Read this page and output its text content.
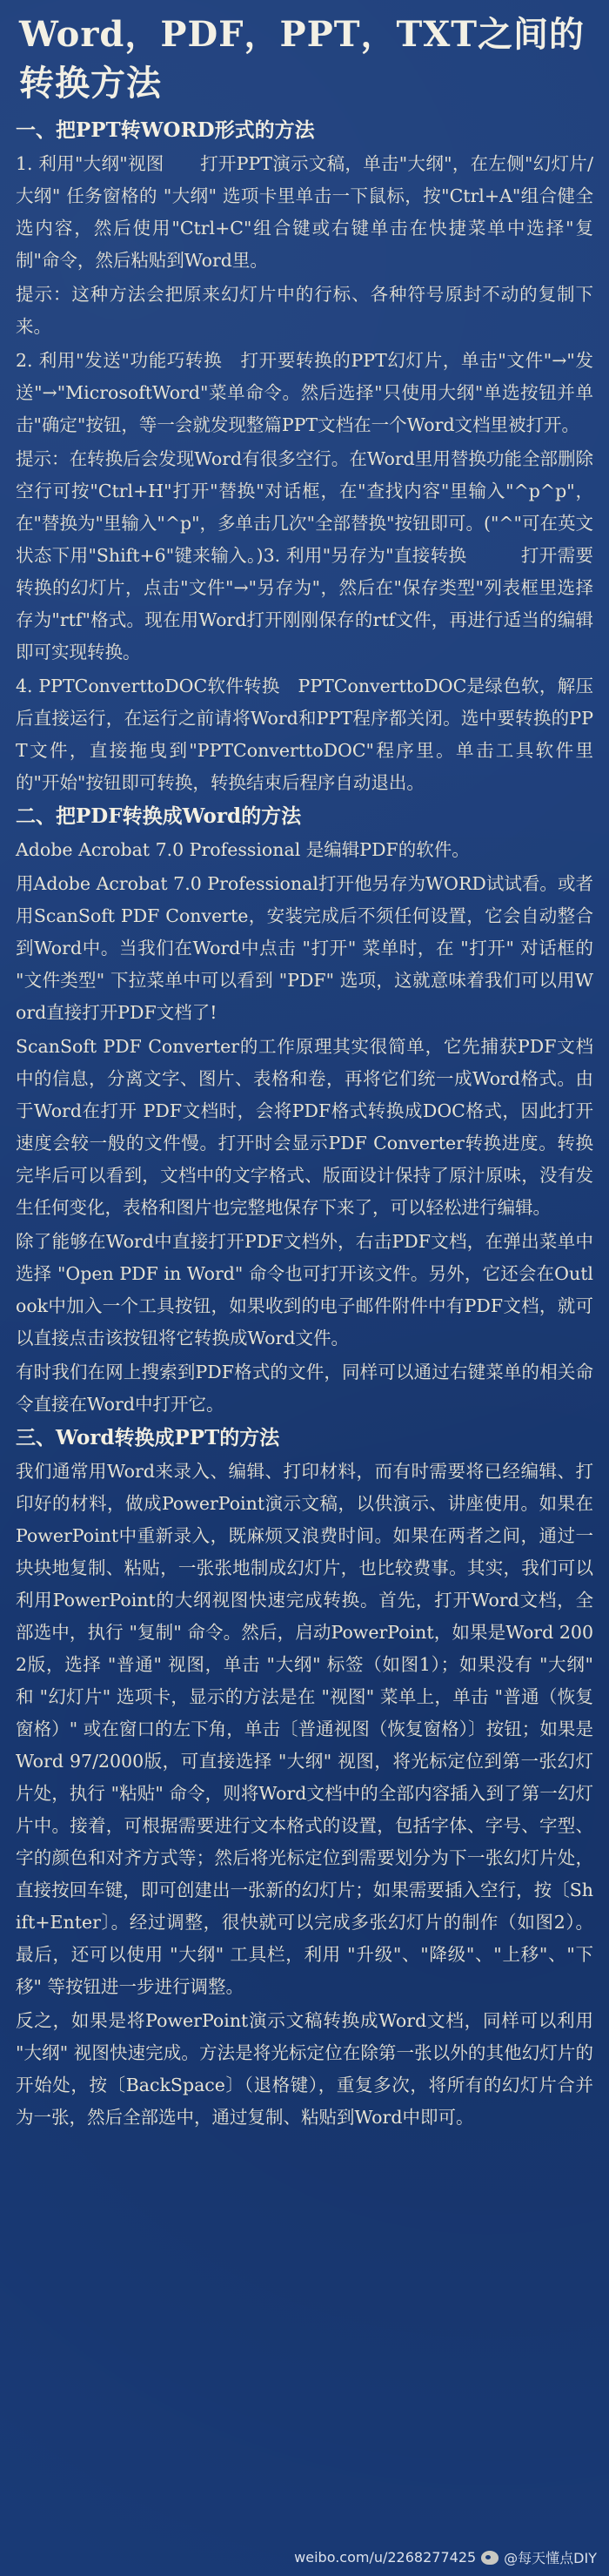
Word，PDF，PPT，TXT之间的转换方法
一、把PPT转WORD形式的方法

1. 利用"大纲"视图　　打开PPT演示文稿，单击"大纲"，在左侧"幻灯片/大纲" 任务窗格的 "大纲" 选项卡里单击一下鼠标，按"Ctrl+A"组合健全选内容，然后使用"Ctrl+C"组合键或右键单击在快捷菜单中选择"复制"命令，然后粘贴到Word里。

提示：这种方法会把原来幻灯片中的行标、各种符号原封不动的复制下来。

2. 利用"发送"功能巧转换　打开要转换的PPT幻灯片，单击"文件"→"发送"→"MicrosoftWord"菜单命令。然后选择"只使用大纲"单选按钮并单击"确定"按钮，等一会就发现整篇PPT文档在一个Word文档里被打开。

提示：在转换后会发现Word有很多空行。在Word里用替换功能全部删除空行可按"Ctrl+H"打开"替换"对话框，在"查找内容"里输入"^p^p"，在"替换为"里输入"^p"，多单击几次"全部替换"按钮即可。("^"可在英文状态下用"Shift+6"键来输入。)3. 利用"另存为"直接转换　　　打开需要转换的幻灯片，点击"文件"→"另存为"，然后在"保存类型"列表框里选择存为"rtf"格式。现在用Word打开刚刚保存的rtf文件，再进行适当的编辑即可实现转换。

4. PPTConverttoDOC软件转换　PPTConverttoDOC是绿色软，解压后直接运行，在运行之前请将Word和PPT程序都关闭。选中要转换的PPT文件，直接拖曳到"PPTConverttoDOC"程序里。单击工具软件里的"开始"按钮即可转换，转换结束后程序自动退出。

二、把PDF转换成Word的方法

Adobe Acrobat 7.0 Professional 是编辑PDF的软件。

用Adobe Acrobat 7.0 Professional打开他另存为WORD试试看。或者用ScanSoft PDF Converte，安装完成后不须任何设置，它会自动整合到Word中。当我们在Word中点击 "打开" 菜单时，在 "打开" 对话框的 "文件类型" 下拉菜单中可以看到 "PDF" 选项，这就意味着我们可以用Word直接打开PDF文档了!

ScanSoft PDF Converter的工作原理其实很简单，它先捕获PDF文档中的信息，分离文字、图片、表格和卷，再将它们统一成Word格式。由于Word在打开 PDF文档时，会将PDF格式转换成DOC格式，因此打开速度会较一般的文件慢。打开时会显示PDF Converter转换进度。转换完毕后可以看到，文档中的文字格式、版面设计保持了原汁原味，没有发生任何变化，表格和图片也完整地保存下来了，可以轻松进行编辑。

除了能够在Word中直接打开PDF文档外，右击PDF文档，在弹出菜单中选择 "Open PDF in Word" 命令也可打开该文件。另外，它还会在Outlook中加入一个工具按钮，如果收到的电子邮件附件中有PDF文档，就可以直接点击该按钮将它转换成Word文件。

有时我们在网上搜索到PDF格式的文件，同样可以通过右键菜单的相关命令直接在Word中打开它。

三、Word转换成PPT的方法

我们通常用Word来录入、编辑、打印材料，而有时需要将已经编辑、打印好的材料，做成PowerPoint演示文稿，以供演示、讲座使用。如果在PowerPoint中重新录入，既麻烦又浪费时间。如果在两者之间，通过一块块地复制、粘贴，一张张地制成幻灯片，也比较费事。其实，我们可以利用PowerPoint的大纲视图快速完成转换。首先，打开Word文档，全部选中，执行 "复制" 命令。然后，启动PowerPoint，如果是Word 2002版，选择 "普通" 视图，单击 "大纲" 标签（如图1）；如果没有 "大纲" 和 "幻灯片" 选项卡，显示的方法是在 "视图" 菜单上，单击 "普通（恢复窗格）" 或在窗口的左下角，单击〔普通视图（恢复窗格）〕按钮；如果是 Word 97/2000版，可直接选择 "大纲" 视图，将光标定位到第一张幻灯片处，执行 "粘贴" 命令，则将Word文档中的全部内容插入到了第一幻灯片中。接着，可根据需要进行文本格式的设置，包括字体、字号、字型、字的颜色和对齐方式等；然后将光标定位到需要划分为下一张幻灯片处，直接按回车键，即可创建出一张新的幻灯片；如果需要插入空行，按〔Shift+Enter〕。经过调整，很快就可以完成多张幻灯片的制作（如图2）。最后，还可以使用 "大纲" 工具栏，利用 "升级"、"降级"、"上移"、"下移" 等按钮进一步进行调整。

反之，如果是将PowerPoint演示文稿转换成Word文档，同样可以利用 "大纲" 视图快速完成。方法是将光标定位在除第一张以外的其他幻灯片的开始处，按〔BackSpace〕（退格键），重复多次，将所有的幻灯片合并为一张，然后全部选中，通过复制、粘贴到Word中即可。

weibo.com/u/2268277425 @每天懂点DIY
